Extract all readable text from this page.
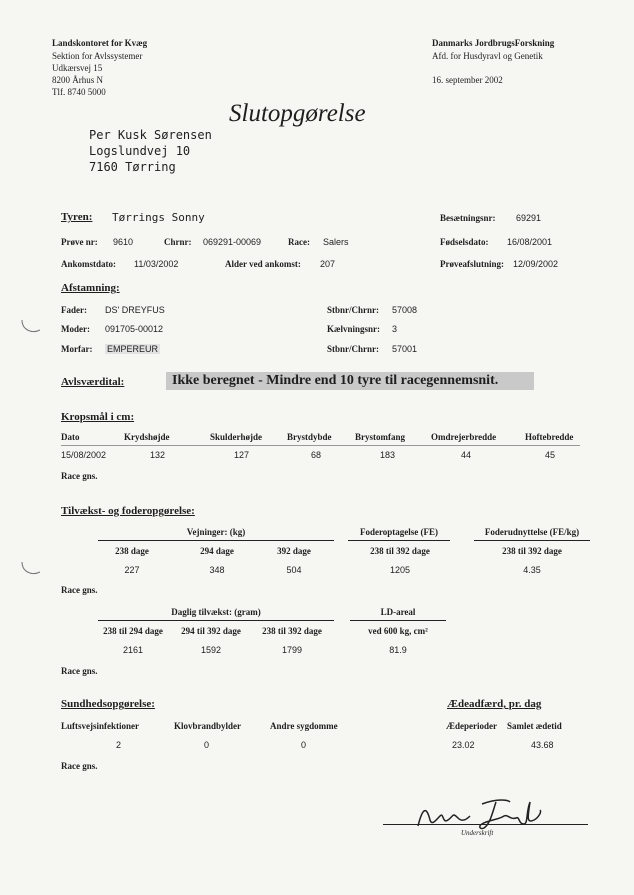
Landskontoret for Kvæg
Sektion for Avlssystemer
Udkærsvej 15
8200 Århus N
Tlf. 8740 5000
Danmarks JordbrugsForskning
Afd. for Husdyravl og Genetik
16. september 2002
Slutopgørelse
Per Kusk Sørensen
Logslundvej 10
7160 Tørring
Tyren: Tørrings Sonny	Besætningsnr: 69291
Prøve nr: 9610	Chrnr: 069291-00069	Race: Salers	Fødselsdato: 16/08/2001
Ankomstdato: 11/03/2002	Alder ved ankomst: 207	Prøveafslutning: 12/09/2002
Afstamning:
Fader: DS' DREYFUS	Stbnr/Chrnr: 57008
Moder: 091705-00012	Kælvningsnr: 3
Morfar: EMPEREUR	Stbnr/Chrnr: 57001
Avlsværdital:	Ikke beregnet - Mindre end 10 tyre til racegennemsnit.
Kropsmål i cm:
Dato	Krydshøjde	Skulderhøjde	Brystdybde	Brystomfang	Omdrejerbredde	Hoftebredde
15/08/2002	132	127	68	183	44	45
Race gns.
Tilvækst- og foderopgørelse:
Vejninger: (kg)	Foderoptagelse (FE)	Foderudnyttelse (FE/kg)
238 dage	294 dage	392 dage	238 til 392 dage	238 til 392 dage
227	348	504	1205	4.35
Race gns.
Daglig tilvækst: (gram)	LD-areal
238 til 294 dage	294 til 392 dage	238 til 392 dage	ved 600 kg, cm²
2161	1592	1799	81.9
Race gns.
Sundhedsopgørelse:
Luftsvejsinfektioner	Klovbrandbylder	Andre sygdomme
2	0	0
Race gns.
Ædeadfærd, pr. dag
Ædeperioder Samlet ædetid
23.02	43.68
Underskrift
